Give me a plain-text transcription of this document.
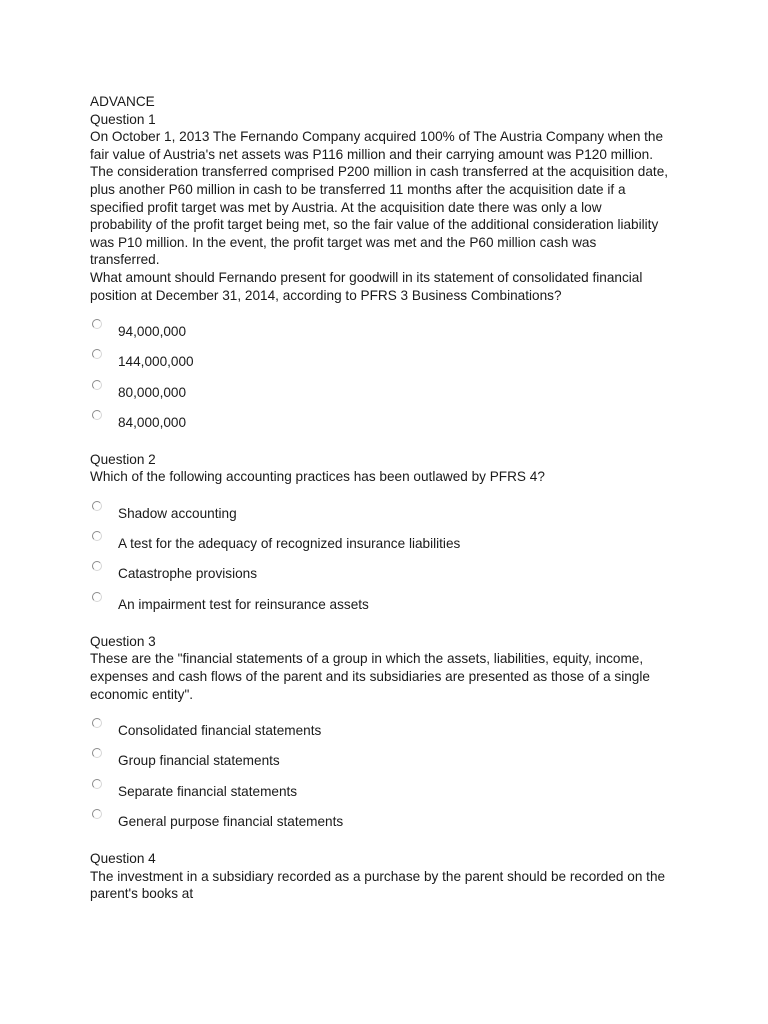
ADVANCE
Question 1
On October 1, 2013 The Fernando Company acquired 100% of The Austria Company when the
fair value of Austria's net assets was P116 million and their carrying amount was P120 million.
The consideration transferred comprised P200 million in cash transferred at the acquisition date,
plus another P60 million in cash to be transferred 11 months after the acquisition date if a
specified profit target was met by Austria. At the acquisition date there was only a low
probability of the profit target being met, so the fair value of the additional consideration liability
was P10 million. In the event, the profit target was met and the P60 million cash was
transferred.
What amount should Fernando present for goodwill in its statement of consolidated financial
position at December 31, 2014, according to PFRS 3 Business Combinations?
94,000,000
144,000,000
80,000,000
84,000,000
Question 2
Which of the following accounting practices has been outlawed by PFRS 4?
Shadow accounting
A test for the adequacy of recognized insurance liabilities
Catastrophe provisions
An impairment test for reinsurance assets
Question 3
These are the "financial statements of a group in which the assets, liabilities, equity, income,
expenses and cash flows of the parent and its subsidiaries are presented as those of a single
economic entity".
Consolidated financial statements
Group financial statements
Separate financial statements
General purpose financial statements
Question 4
The investment in a subsidiary recorded as a purchase by the parent should be recorded on the
parent's books at
